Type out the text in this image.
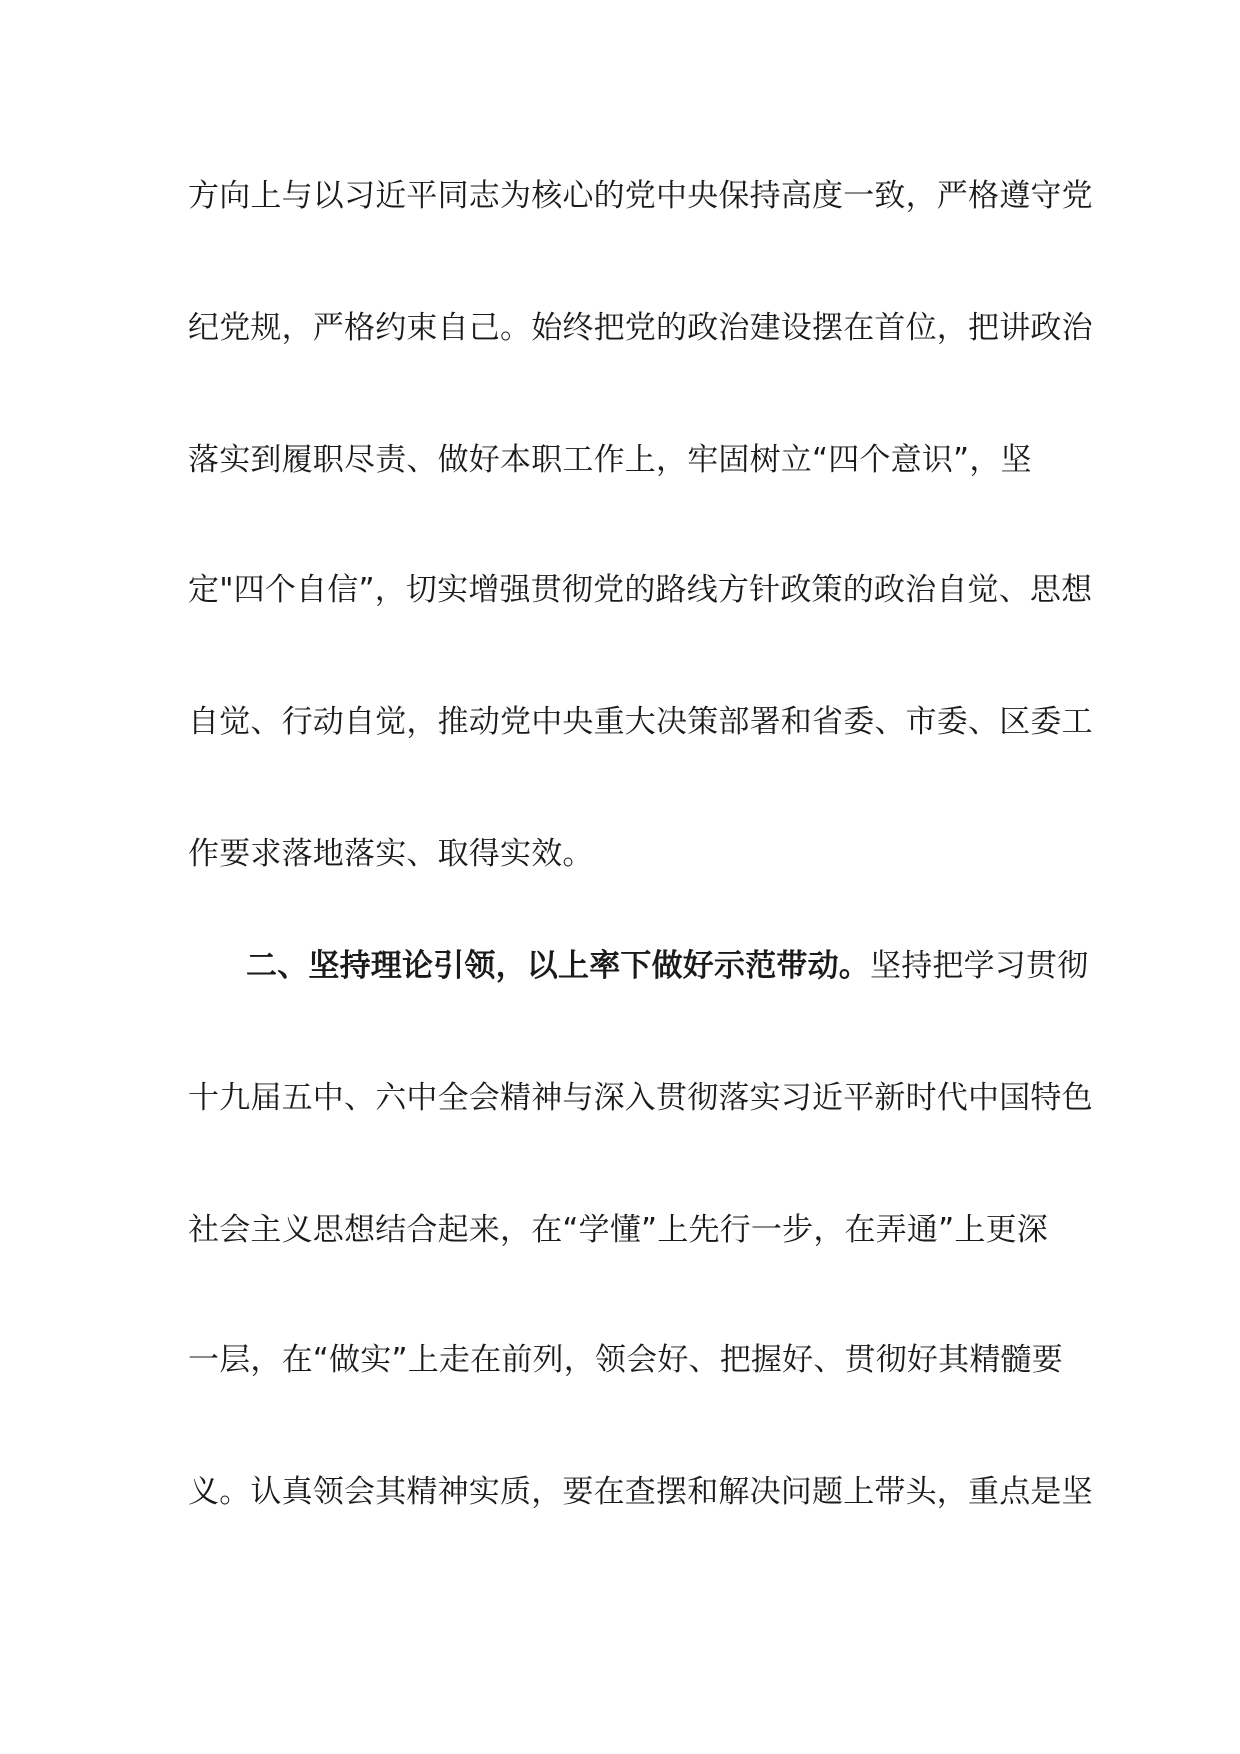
方向上与以习近平同志为核心的党中央保持高度一致，严格遵守党
纪党规，严格约束自己。始终把党的政治建设摆在首位，把讲政治
落实到履职尽责、做好本职工作上，牢固树立“四个意识”，坚
定"四个自信”，切实增强贯彻党的路线方针政策的政治自觉、思想
自觉、行动自觉，推动党中央重大决策部署和省委、市委、区委工
作要求落地落实、取得实效。
二、坚持理论引领，以上率下做好示范带动。坚持把学习贯彻
十九届五中、六中全会精神与深入贯彻落实习近平新时代中国特色
社会主义思想结合起来，在“学懂”上先行一步，在弄通”上更深
一层，在“做实”上走在前列，领会好、把握好、贯彻好其精髓要
义。认真领会其精神实质，要在查摆和解决问题上带头，重点是坚
